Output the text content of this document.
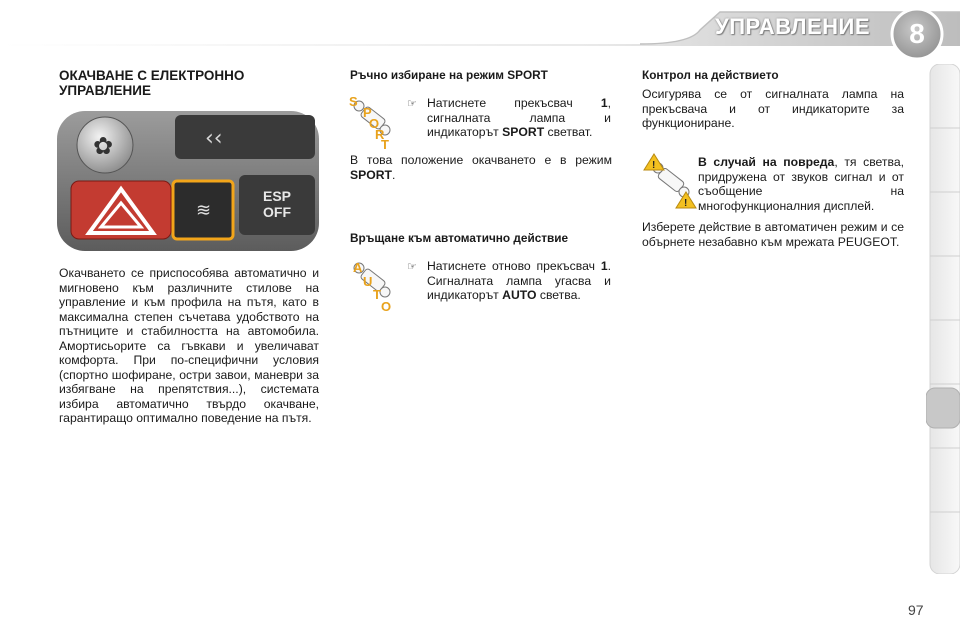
УПРАВЛЕНИЕ	8
ОКАЧВАНЕ С ЕЛЕКТРОННО УПРАВЛЕНИЕ
‹‹
✿
≋
ESP
OFF
Окачването се приспособява автоматично и мигновено към различните стилове на управление и към профила на пътя, като в максимална степен съчетава удобството на пътниците и стабилността на автомобила. Амортисьорите са гъвкави и увеличават комфорта. При по-специфични условия (спортно шофиране, остри завои, маневри за избягване на препятствия...), системата избира автоматично твърдо окачване, гарантиращо оптимално поведение на пътя.
Ръчно избиране на режим SPORT
S
P
O
R
T
☞ Натиснете прекъсвач 1, сигналната лампа и индикаторът SPORT светват.
В това положение окачването е в режим SPORT.
Връщане към автоматично действие
A
U
T
O
☞ Натиснете отново прекъсвач 1. Сигналната лампа угасва и индикаторът AUTO светва.
Контрол на действието
Осигурява се от сигналната лампа на прекъсвача и от индикаторите за функциониране.
!
!
В случай на повреда, тя светва, придружена от звуков сигнал и от съобщение на многофункционалния дисплей.
Изберете действие в автоматичен режим и се обърнете незабавно към мрежата PEUGEOT.
97
